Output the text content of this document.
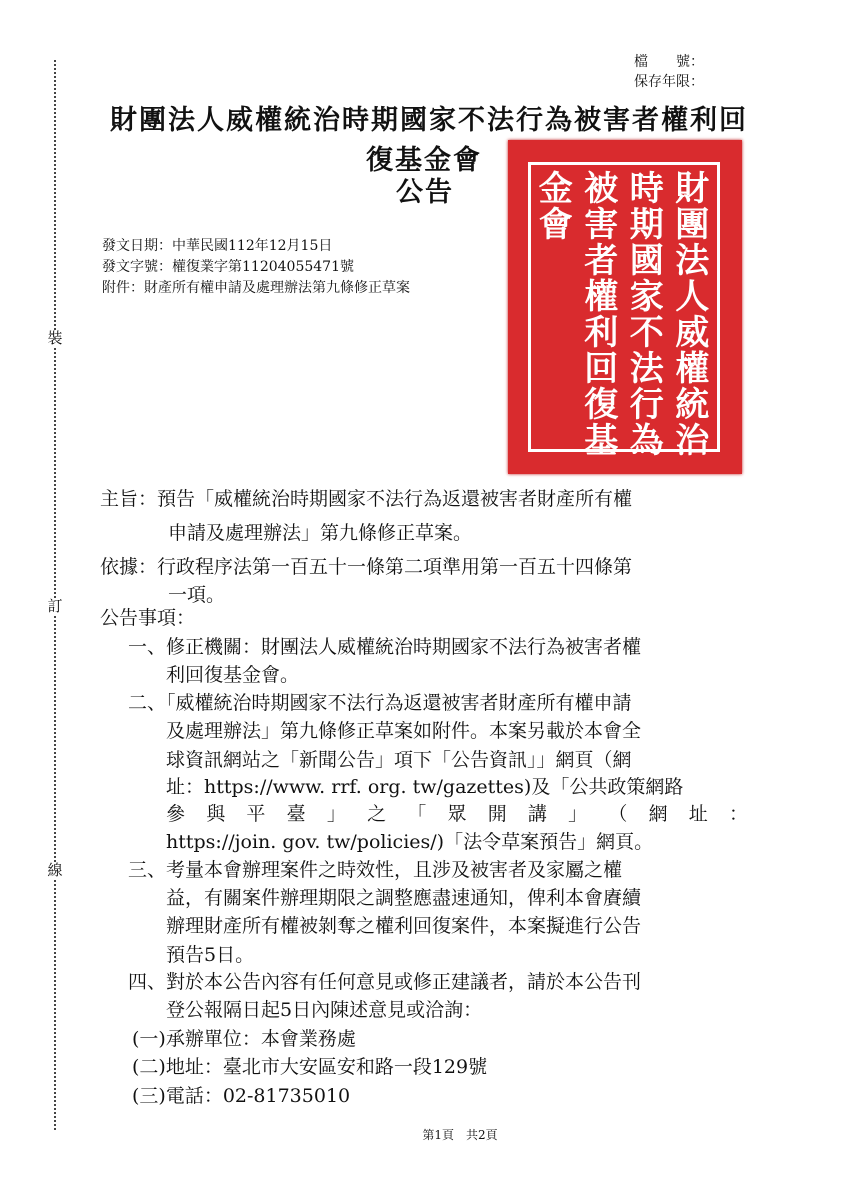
裝
訂
線
檔　　號：
保存年限：
財團法人威權統治時期國家不法行為被害者權利回
復基金會
公告
發文日期：中華民國112年12月15日
發文字號：權復業字第11204055471號
附件：財產所有權申請及處理辦法第九條修正草案
財
團
法
人
威
權
統
治
時
期
國
家
不
法
行
為
被
害
者
權
利
回
復
基
金
會

主旨：預告「威權統治時期國家不法行為返還被害者財產所有權
申請及處理辦法」第九條修正草案。
依據：行政程序法第一百五十一條第二項準用第一百五十四條第
一項。
公告事項：
一、修正機關：財團法人威權統治時期國家不法行為被害者權
利回復基金會。
二、「威權統治時期國家不法行為返還被害者財產所有權申請
及處理辦法」第九條修正草案如附件。本案另載於本會全
球資訊網站之「新聞公告」項下「公告資訊」」網頁（網
址：https://www. rrf. org. tw/gazettes)及「公共政策網路
參 與 平 臺 」 之 「 眾 開 講 」 （ 網 址 ：
https://join. gov. tw/policies/)「法令草案預告」網頁。
三、考量本會辦理案件之時效性，且涉及被害者及家屬之權
益，有關案件辦理期限之調整應盡速通知，俾利本會賡續
辦理財產所有權被剝奪之權利回復案件，本案擬進行公告
預告5日。
四、對於本公告內容有任何意見或修正建議者，請於本公告刊
登公報隔日起5日內陳述意見或洽詢：
(一)承辦單位：本會業務處
(二)地址：臺北市大安區安和路一段129號
(三)電話：02-81735010
第1頁　共2頁
